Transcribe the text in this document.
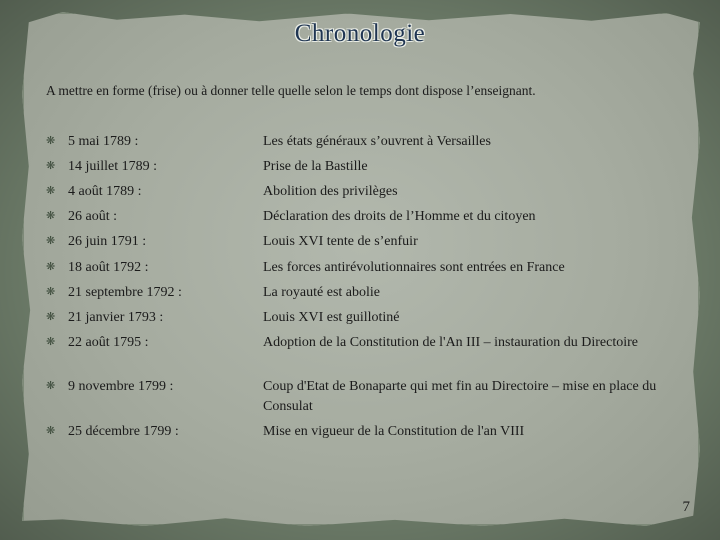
Chronologie
A mettre en forme (frise) ou à donner telle quelle selon le temps dont dispose l’enseignant.
❋ 5 mai 1789 :	Les états généraux s’ouvrent à Versailles
❋ 14 juillet 1789 :	Prise de la Bastille
❋ 4 août 1789 :	Abolition des privilèges
❋ 26 août :	Déclaration des droits de l’Homme et du citoyen
❋ 26 juin 1791 :	Louis XVI tente de s’enfuir
❋ 18 août 1792 :	Les forces antirévolutionnaires sont entrées en France
❋ 21 septembre 1792 :	La royauté est abolie
❋ 21 janvier 1793 :	Louis XVI est guillotiné
❋ 22 août 1795 :	Adoption de la Constitution de l'An III – instauration du Directoire
❋ 9 novembre 1799 :	Coup d'Etat de Bonaparte qui met fin au Directoire – mise en place du Consulat
❋ 25 décembre 1799 :	Mise en vigueur de la Constitution de l'an VIII
7
